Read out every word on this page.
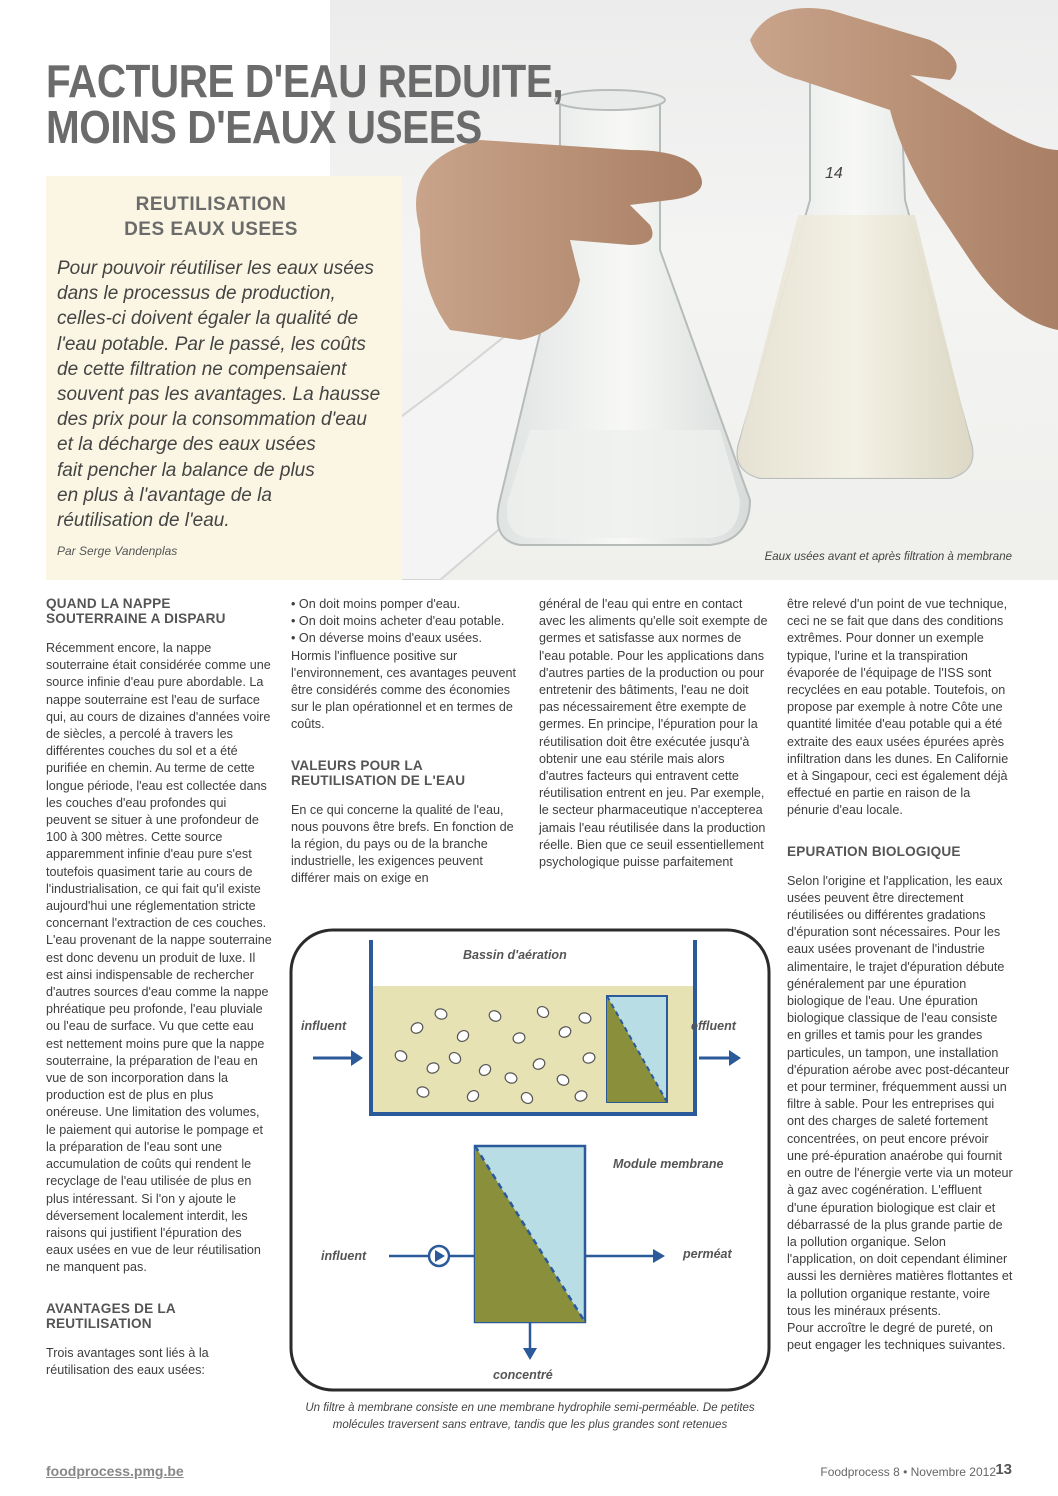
14
FACTURE D'EAU REDUITE,
MOINS D'EAUX USEES
REUTILISATION
DES EAUX USEES
Pour pouvoir réutiliser les eaux usées
dans le processus de production,
celles-ci doivent égaler la qualité de
l'eau potable. Par le passé, les coûts
de cette filtration ne compensaient
souvent pas les avantages. La hausse
des prix pour la consommation d'eau
et la décharge des eaux usées
fait pencher la balance de plus
en plus à l'avantage de la
réutilisation de l'eau.
Par Serge Vandenplas	Eaux usées avant et après filtration à membrane

QUAND LA NAPPE SOUTERRAINE A DISPARU

Récemment encore, la nappe souterraine était considérée comme une source infinie d'eau pure abordable. La nappe souterraine est l'eau de surface qui, au cours de dizaines d'années voire de siècles, a percolé à travers les différentes couches du sol et a été purifiée en chemin. Au terme de cette longue période, l'eau est collectée dans les couches d'eau profondes qui peuvent se situer à une profondeur de 100 à 300 mètres. Cette source apparemment infinie d'eau pure s'est toutefois quasiment tarie au cours de l'industrialisation, ce qui fait qu'il existe aujourd'hui une réglementation stricte concernant l'extraction de ces couches. L'eau provenant de la nappe souterraine est donc devenu un produit de luxe. Il est ainsi indispensable de rechercher d'autres sources d'eau comme la nappe phréatique peu profonde, l'eau pluviale ou l'eau de surface. Vu que cette eau est nettement moins pure que la nappe souterraine, la préparation de l'eau en vue de son incorporation dans la production est de plus en plus onéreuse. Une limitation des volumes, le paiement qui autorise le pompage et la préparation de l'eau sont une accumulation de coûts qui rendent le recyclage de l'eau utilisée de plus en plus intéressant. Si l'on y ajoute le déversement localement interdit, les raisons qui justifient l'épuration des eaux usées en vue de leur réutilisation ne manquent pas.

AVANTAGES DE LA REUTILISATION

Trois avantages sont liés à la réutilisation des eaux usées:

• On doit moins pomper d'eau.

• On doit moins acheter d'eau potable.

• On déverse moins d'eaux usées.

Hormis l'influence positive sur l'environnement, ces avantages peuvent être considérés comme des économies sur le plan opérationnel et en termes de coûts.

VALEURS POUR LA REUTILISATION DE L'EAU

En ce qui concerne la qualité de l'eau, nous pouvons être brefs. En fonction de la région, du pays ou de la branche industrielle, les exigences peuvent différer mais on exige en

général de l'eau qui entre en contact avec les aliments qu'elle soit exempte de germes et satisfasse aux normes de l'eau potable. Pour les applications dans d'autres parties de la production ou pour entretenir des bâtiments, l'eau ne doit pas nécessairement être exempte de germes. En principe, l'épuration pour la réutilisation doit être exécutée jusqu'à obtenir une eau stérile mais alors d'autres facteurs qui entravent cette réutilisation entrent en jeu. Par exemple, le secteur pharmaceutique n'accepterea jamais l'eau réutilisée dans la production réelle. Bien que ce seuil essentiellement psychologique puisse parfaitement

être relevé d'un point de vue technique, ceci ne se fait que dans des conditions extrêmes. Pour donner un exemple typique, l'urine et la transpiration évaporée de l'équipage de l'ISS sont recyclées en eau potable. Toutefois, on propose par exemple à notre Côte une quantité limitée d'eau potable qui a été extraite des eaux usées épurées après infiltration dans les dunes. En Californie et à Singapour, ceci est également déjà effectué en partie en raison de la pénurie d'eau locale.

EPURATION BIOLOGIQUE

Selon l'origine et l'application, les eaux usées peuvent être directement réutilisées ou différentes gradations d'épuration sont nécessaires. Pour les eaux usées provenant de l'industrie alimentaire, le trajet d'épuration débute généralement par une épuration biologique de l'eau. Une épuration biologique classique de l'eau consiste en grilles et tamis pour les grandes particules, un tampon, une installation d'épuration aérobe avec post-décanteur et pour terminer, fréquemment aussi un filtre à sable. Pour les entreprises qui ont des charges de saleté fortement concentrées, on peut encore prévoir une pré-épuration anaérobe qui fournit en outre de l'énergie verte via un moteur à gaz avec cogénération. L'effluent d'une épuration biologique est clair et débarrassé de la plus grande partie de la pollution organique. Selon l'application, on doit cependant éliminer aussi les dernières matières flottantes et la pollution organique restante, voire tous les minéraux présents.

Pour accroître le degré de pureté, on peut engager les techniques suivantes.

Bassin d'aération
influent	effluent
Module membrane
influent	perméat
concentré
Un filtre à membrane consiste en une membrane hydrophile semi-perméable. De petites
molécules traversent sans entrave, tandis que les plus grandes sont retenues
foodprocess.pmg.be	Foodprocess 8 • Novembre 2012 13
